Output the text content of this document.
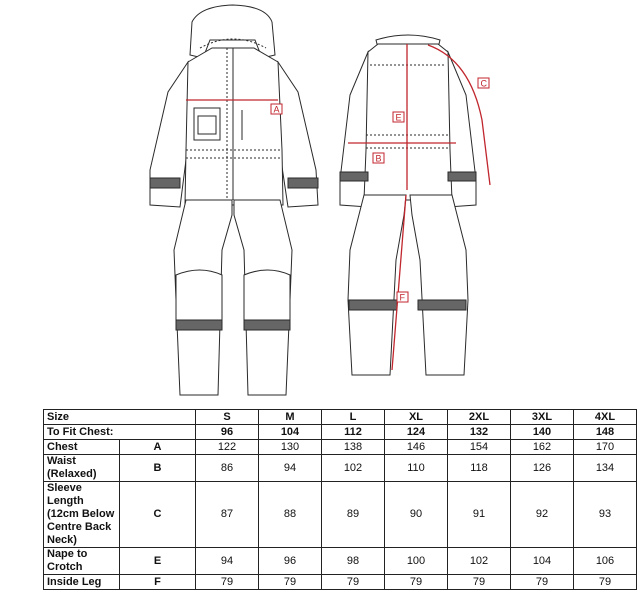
A
E
B
C
F
Size		S	M	L	XL	2XL	3XL	4XL
To Fit Chest:		96	104	112	124	132	140	148
Chest	A	122	130	138	146	154	162	170
Waist (Relaxed)	B	86	94	102	110	118	126	134
Sleeve Length (12cm Below Centre Back Neck)	C	87	88	89	90	91	92	93
Nape to Crotch	E	94	96	98	100	102	104	106
Inside Leg	F	79	79	79	79	79	79	79
